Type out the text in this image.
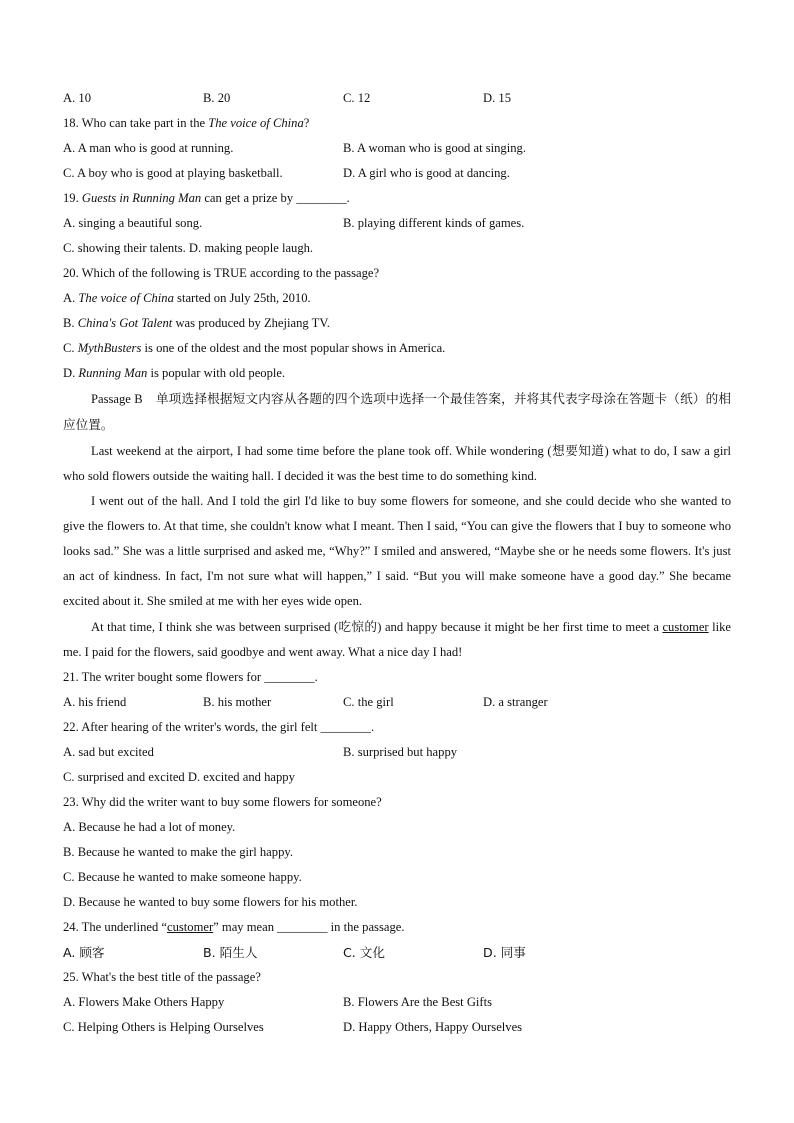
A. 10	B. 20	C. 12	D. 15
18. Who can take part in the The voice of China?
A. A man who is good at running.	B. A woman who is good at singing.
C. A boy who is good at playing basketball.	D. A girl who is good at dancing.
19. Guests in Running Man can get a prize by ________.
A. singing a beautiful song.	B. playing different kinds of games.
C. showing their talents. D. making people laugh.
20. Which of the following is TRUE according to the passage?
A. The voice of China started on July 25th, 2010.
B. China's Got Talent was produced by Zhejiang TV.
C. MythBusters is one of the oldest and the most popular shows in America.
D. Running Man is popular with old people.
Passage B 单项选择根据短文内容从各题的四个选项中选择一个最佳答案，并将其代表字母涂在答题卡（纸）的相应位置。
Last weekend at the airport, I had some time before the plane took off. While wondering (想要知道) what to do, I saw a girl who sold flowers outside the waiting hall. I decided it was the best time to do something kind.
I went out of the hall. And I told the girl I'd like to buy some flowers for someone, and she could decide who she wanted to give the flowers to. At that time, she couldn't know what I meant. Then I said, “You can give the flowers that I buy to someone who looks sad.” She was a little surprised and asked me, “Why?” I smiled and answered, “Maybe she or he needs some flowers. It's just an act of kindness. In fact, I'm not sure what will happen,” I said. “But you will make someone have a good day.” She became excited about it. She smiled at me with her eyes wide open.
At that time, I think she was between surprised (吃惊的) and happy because it might be her first time to meet a customer like me. I paid for the flowers, said goodbye and went away. What a nice day I had!
21. The writer bought some flowers for ________.
A. his friend	B. his mother	C. the girl	D. a stranger
22. After hearing of the writer's words, the girl felt ________.
A. sad but excited	B. surprised but happy
C. surprised and excited D. excited and happy
23. Why did the writer want to buy some flowers for someone?
A. Because he had a lot of money.
B. Because he wanted to make the girl happy.
C. Because he wanted to make someone happy.
D. Because he wanted to buy some flowers for his mother.
24. The underlined “customer” may mean ________ in the passage.
A. 顾客	B. 陌生人	C. 文化	D. 同事
25. What's the best title of the passage?
A. Flowers Make Others Happy	B. Flowers Are the Best Gifts
C. Helping Others is Helping Ourselves	D. Happy Others, Happy Ourselves
